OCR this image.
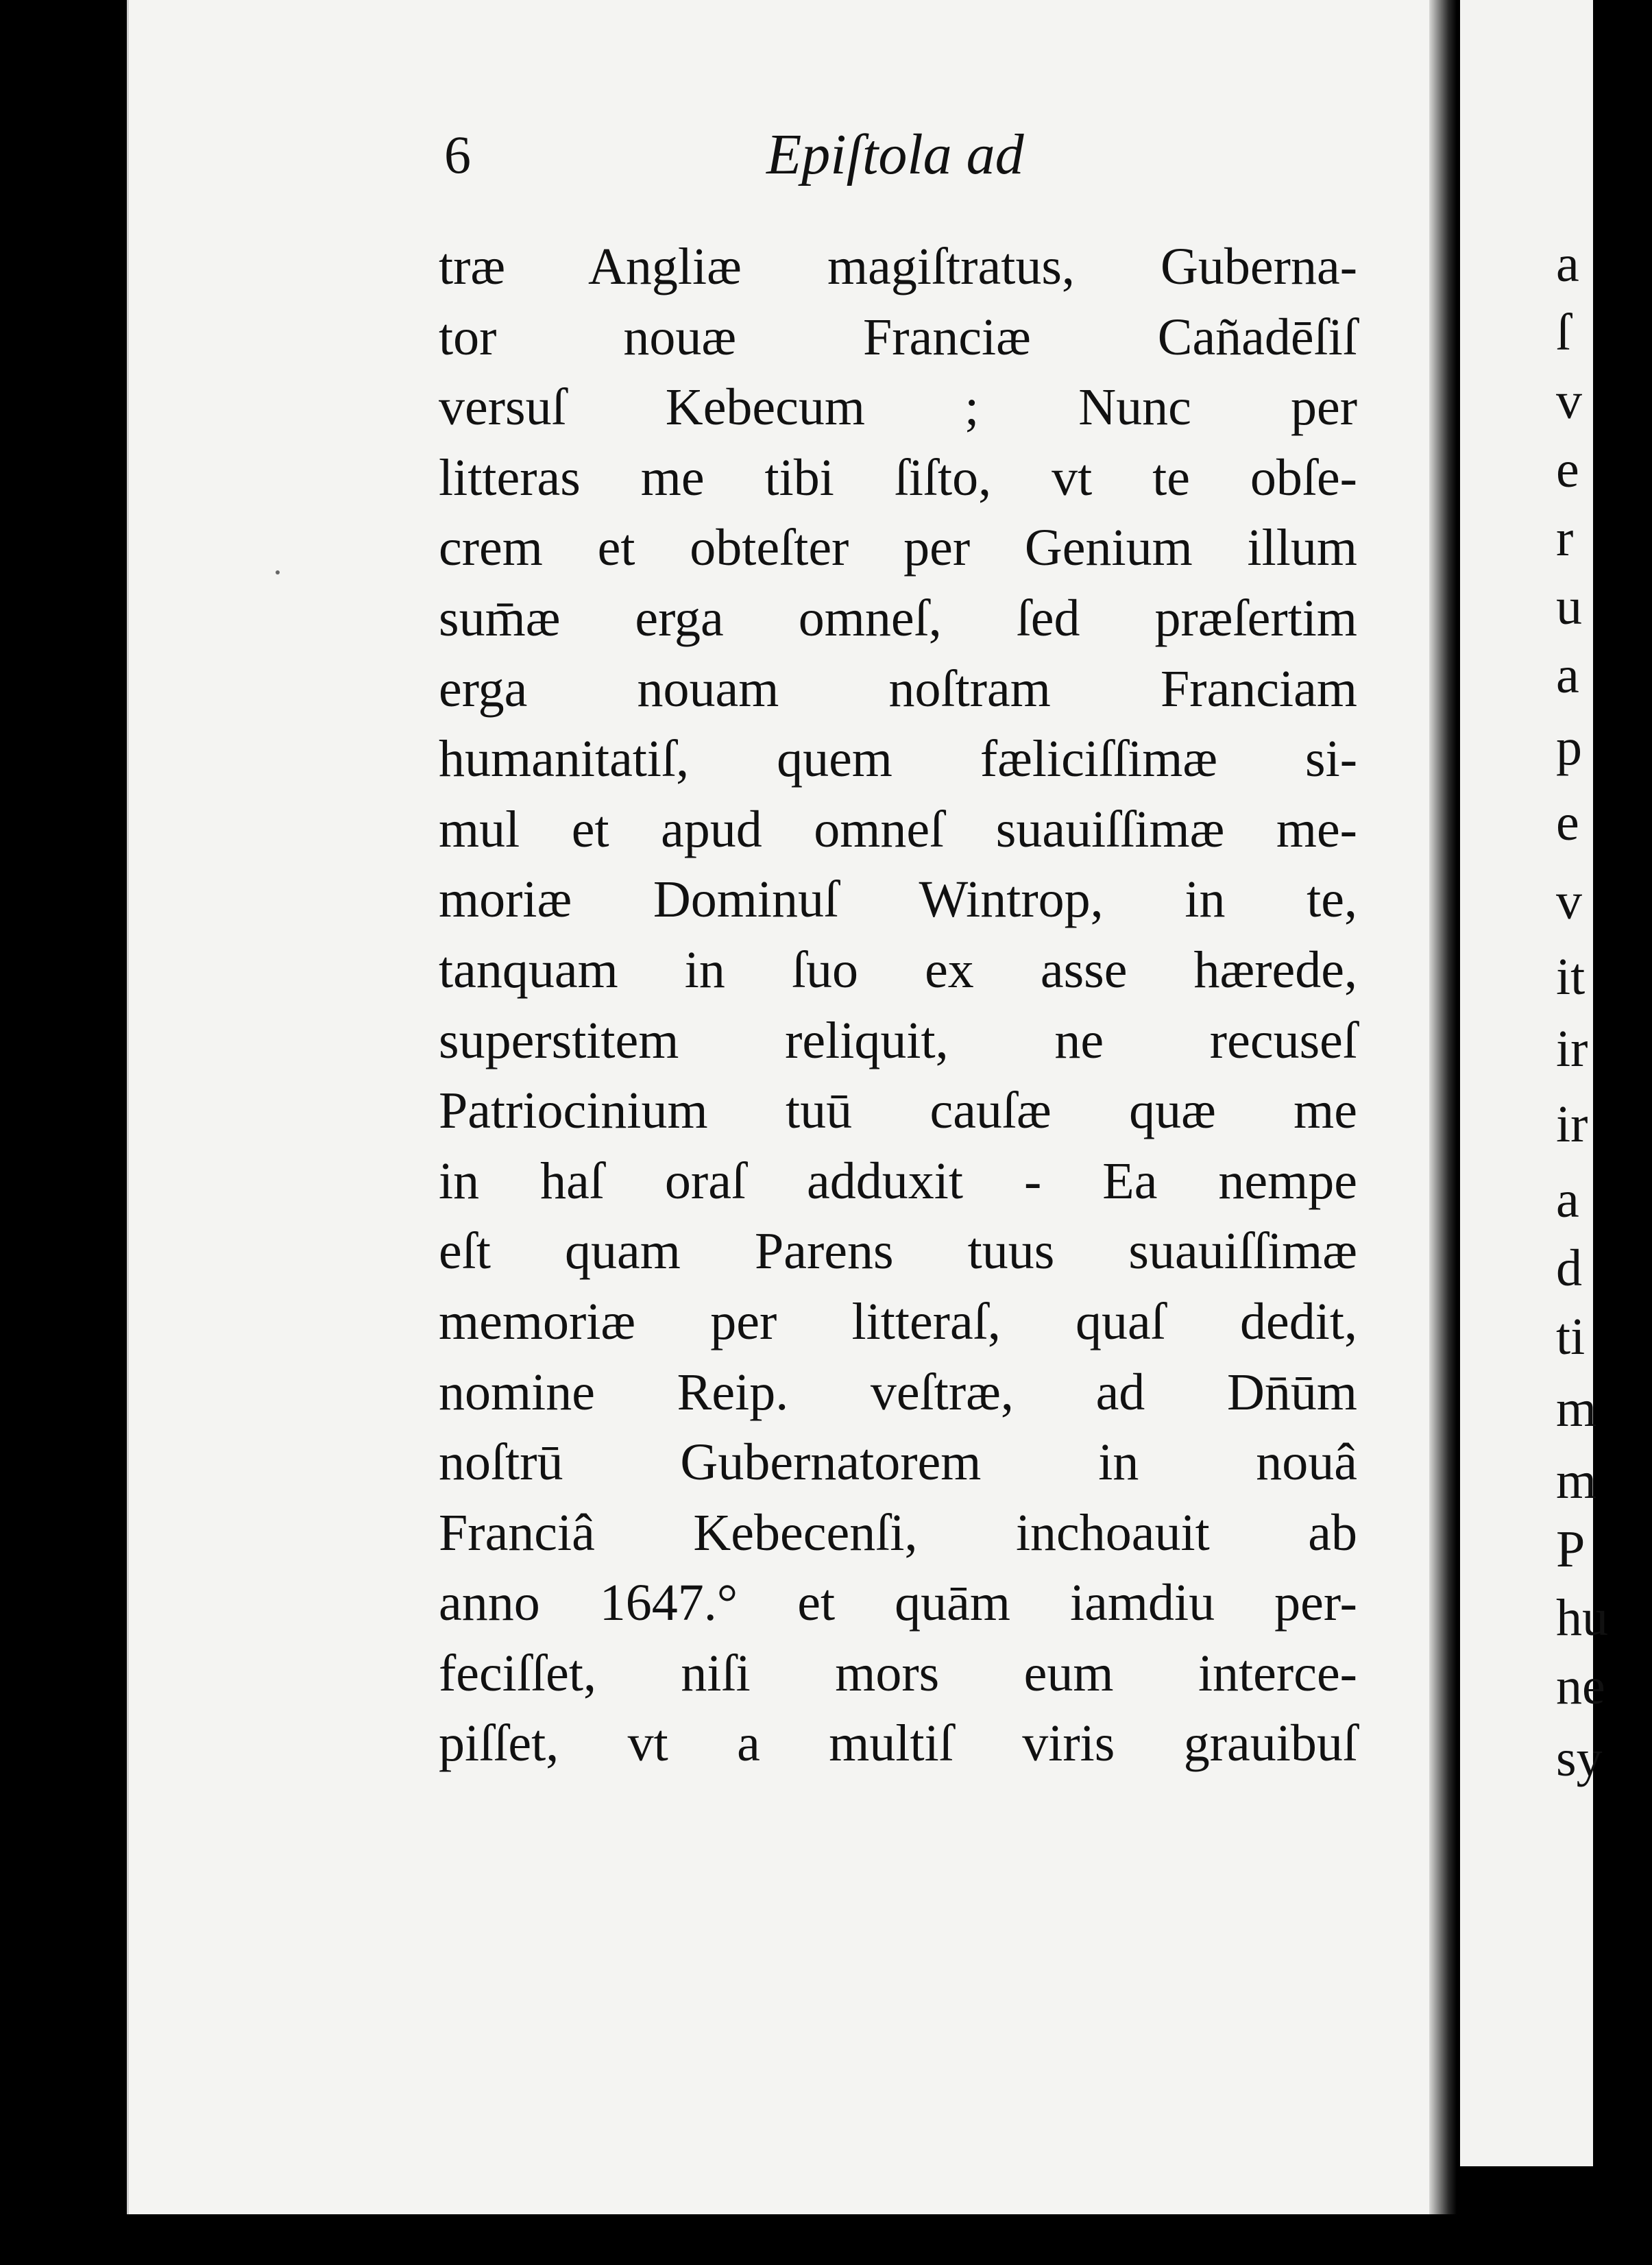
6	Epiſtola ad
træ Angliæ magiſtratus, Guberna-
tor nouæ Franciæ Cañadēſiſ
versuſ Kebecum ; Nunc per
litteras me tibi ſiſto, vt te obſe-
crem et obteſter per Genium illum
sum̄æ erga omneſ, ſed præſertim
erga nouam noſtram Franciam
humanitatiſ, quem fæliciſſimæ si-
mul et apud omneſ suauiſſimæ me-
moriæ Dominuſ Wintrop, in te,
tanquam in ſuo ex asse hærede,
superstitem reliquit, ne recuseſ
Patriocinium tuū cauſæ quæ me
in haſ oraſ adduxit - Ea nempe
eſt quam Parens tuus suauiſſimæ
memoriæ per litteraſ, quaſ dedit,
nomine Reip. veſtræ, ad Dn̄ūm
noſtrū Gubernatorem in nouâ
Franciâ Kebecenſi, inchoauit ab
anno 1647.° et quām iamdiu per-
feciſſet, niſi mors eum interce-
piſſet, vt a multiſ viris grauibuſ
a
ſ
v
e
r
u
a
p
e
v
it
ir
ir
a
d
ti
m
m
P
hu
ne
sy
